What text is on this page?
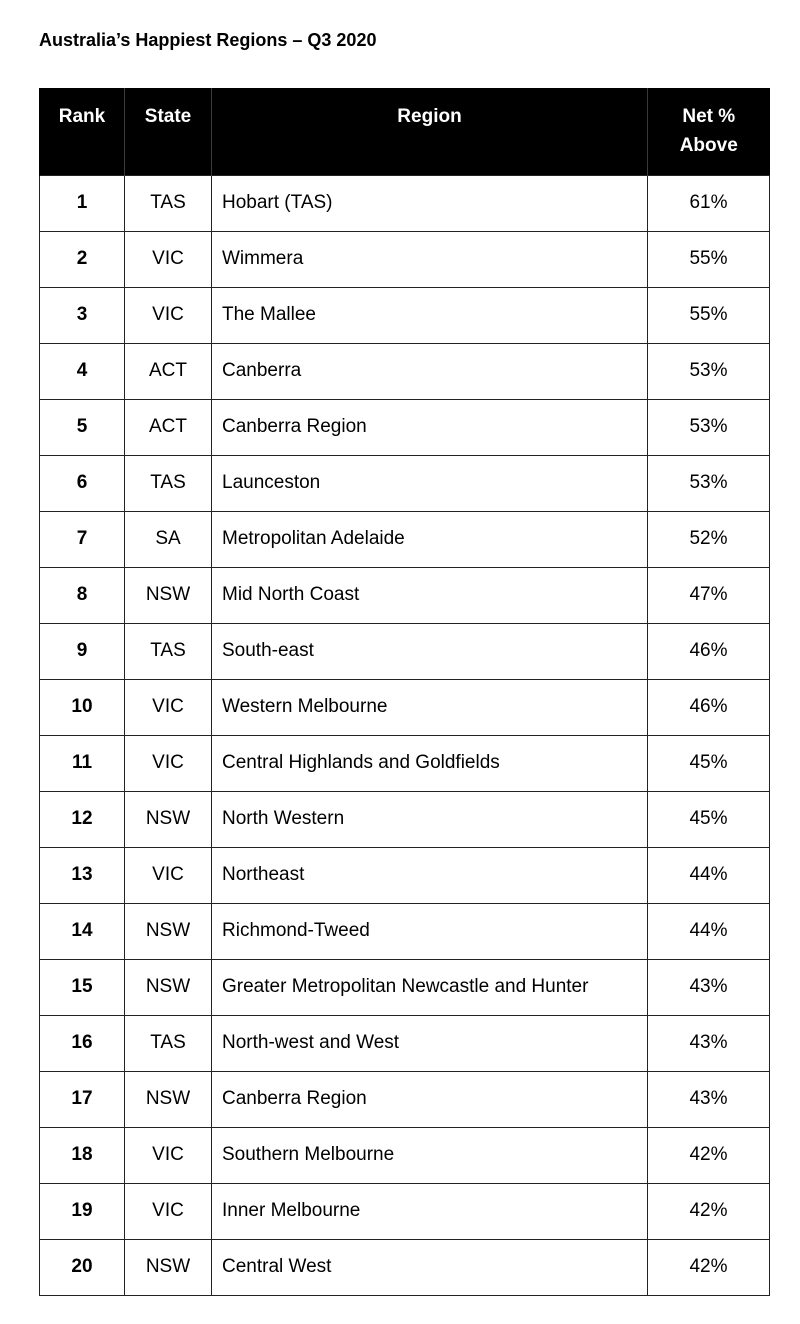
Australia’s Happiest Regions – Q3 2020
Rank	State	Region	Net %
Above
1	TAS	Hobart (TAS)	61%
2	VIC	Wimmera	55%
3	VIC	The Mallee	55%
4	ACT	Canberra	53%
5	ACT	Canberra Region	53%
6	TAS	Launceston	53%
7	SA	Metropolitan Adelaide	52%
8	NSW	Mid North Coast	47%
9	TAS	South-east	46%
10	VIC	Western Melbourne	46%
11	VIC	Central Highlands and Goldfields	45%
12	NSW	North Western	45%
13	VIC	Northeast	44%
14	NSW	Richmond-Tweed	44%
15	NSW	Greater Metropolitan Newcastle and Hunter	43%
16	TAS	North-west and West	43%
17	NSW	Canberra Region	43%
18	VIC	Southern Melbourne	42%
19	VIC	Inner Melbourne	42%
20	NSW	Central West	42%
